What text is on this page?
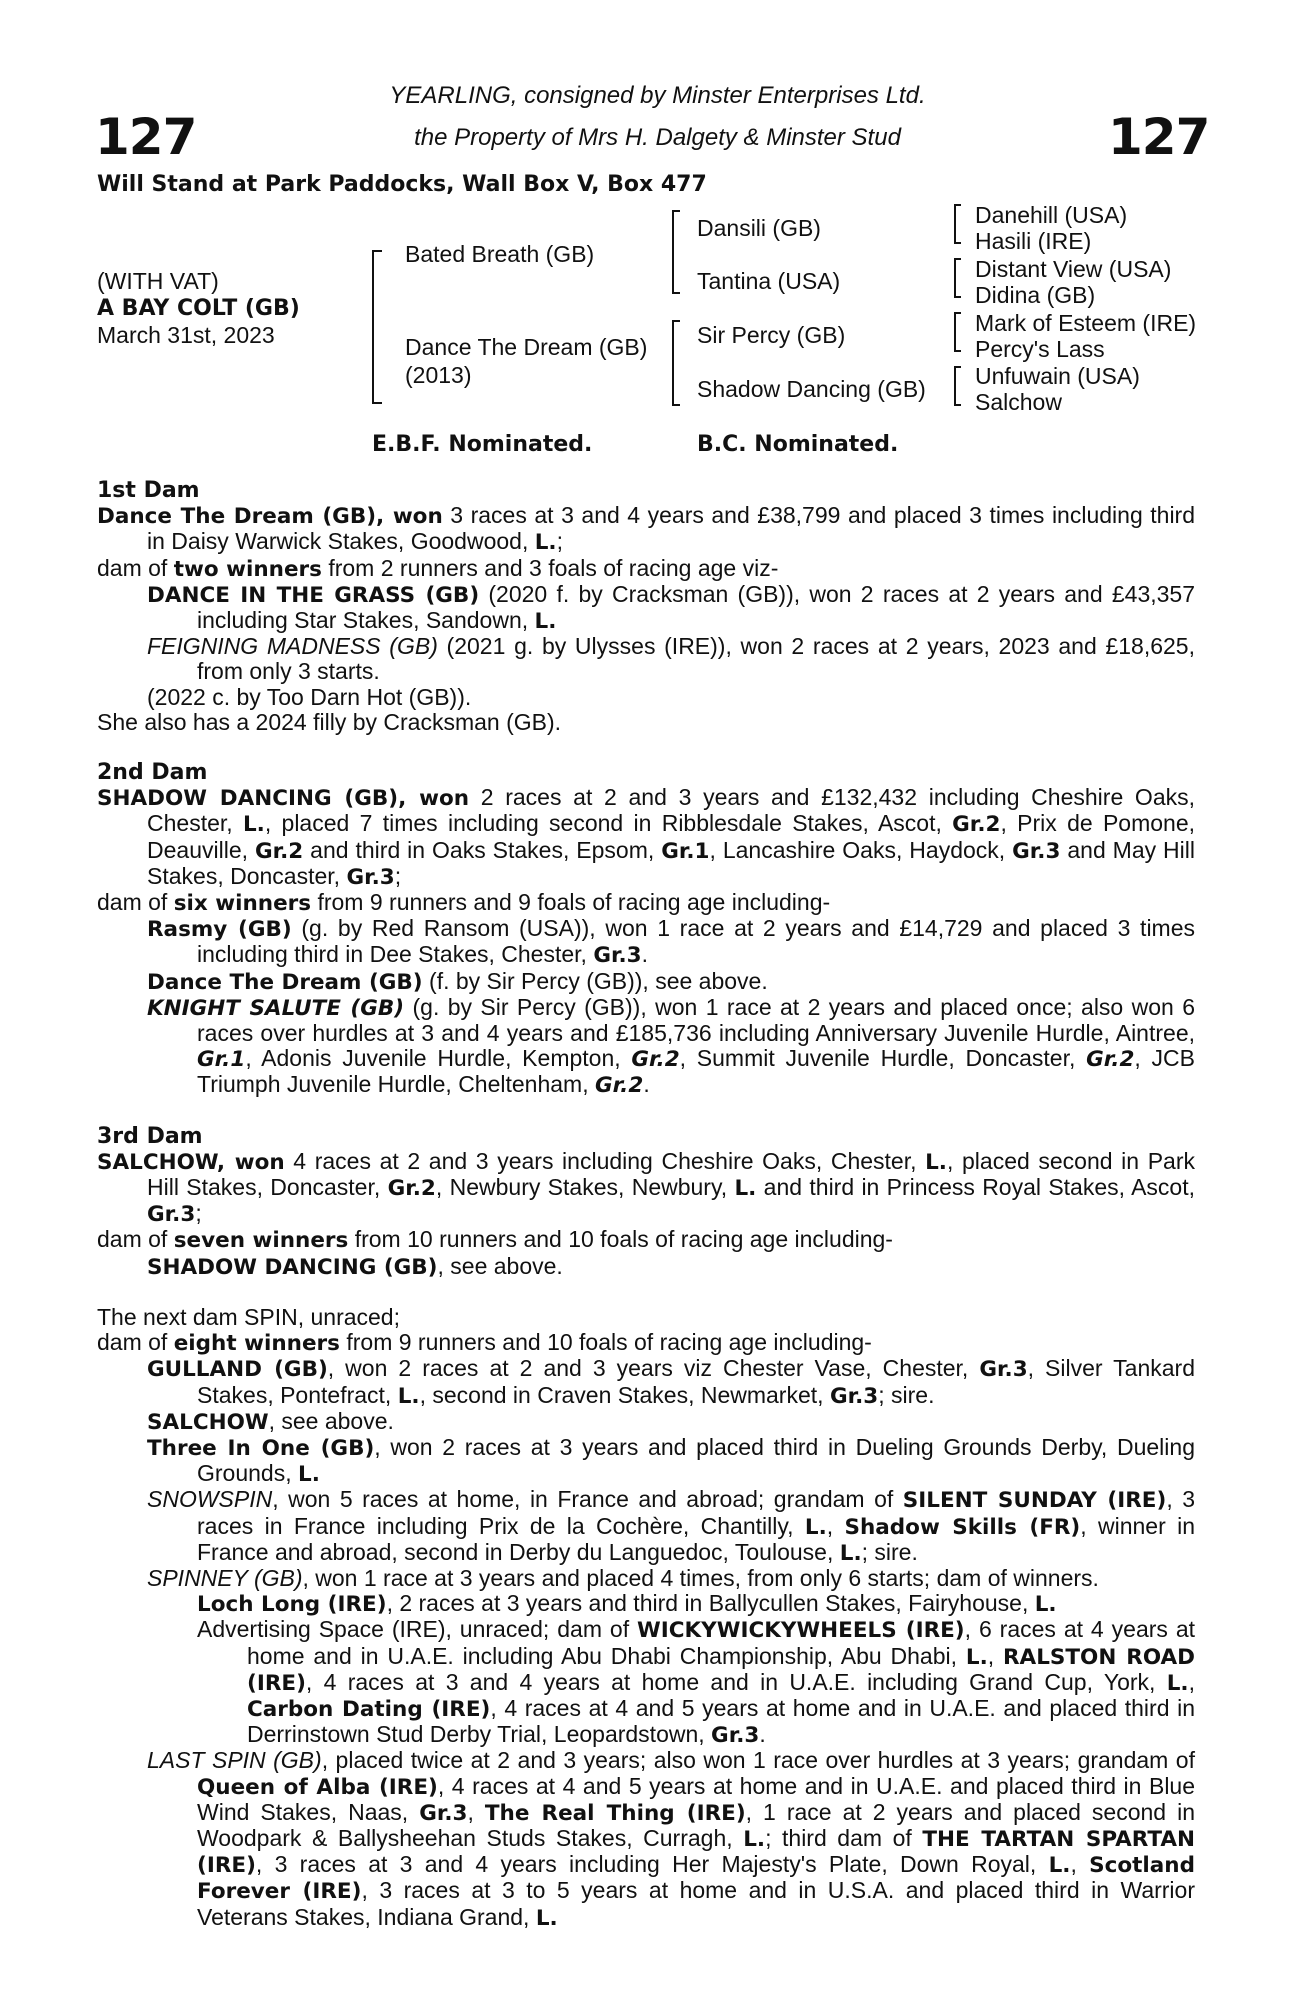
127	127
YEARLING, consigned by Minster Enterprises Ltd.
the Property of Mrs H. Dalgety & Minster Stud
Will Stand at Park Paddocks, Wall Box V, Box 477
(WITH VAT)
A BAY COLT (GB)
March 31st, 2023
Bated Breath (GB)
Dance The Dream (GB)
(2013)
Dansili (GB)
Tantina (USA)
Sir Percy (GB)
Shadow Dancing (GB)
Danehill (USA)
Hasili (IRE)
Distant View (USA)
Didina (GB)
Mark of Esteem (IRE)
Percy's Lass
Unfuwain (USA)
Salchow
E.B.F. Nominated.	B.C. Nominated.
1st Dam

Dance The Dream (GB), won 3 races at 3 and 4 years and £38,799 and placed 3 times including third in Daisy Warwick Stakes, Goodwood, L.;

dam of two winners from 2 runners and 3 foals of racing age viz-

DANCE IN THE GRASS (GB) (2020 f. by Cracksman (GB)), won 2 races at 2 years and £43,357 including Star Stakes, Sandown, L.

FEIGNING MADNESS (GB) (2021 g. by Ulysses (IRE)), won 2 races at 2 years, 2023 and £18,625, from only 3 starts.

(2022 c. by Too Darn Hot (GB)).

She also has a 2024 filly by Cracksman (GB).

2nd Dam

SHADOW DANCING (GB), won 2 races at 2 and 3 years and £132,432 including Cheshire Oaks, Chester, L., placed 7 times including second in Ribblesdale Stakes, Ascot, Gr.2, Prix de Pomone, Deauville, Gr.2 and third in Oaks Stakes, Epsom, Gr.1, Lancashire Oaks, Haydock, Gr.3 and May Hill Stakes, Doncaster, Gr.3;

dam of six winners from 9 runners and 9 foals of racing age including-

Rasmy (GB) (g. by Red Ransom (USA)), won 1 race at 2 years and £14,729 and placed 3 times including third in Dee Stakes, Chester, Gr.3.

Dance The Dream (GB) (f. by Sir Percy (GB)), see above.

KNIGHT SALUTE (GB) (g. by Sir Percy (GB)), won 1 race at 2 years and placed once; also won 6 races over hurdles at 3 and 4 years and £185,736 including Anniversary Juvenile Hurdle, Aintree, Gr.1, Adonis Juvenile Hurdle, Kempton, Gr.2, Summit Juvenile Hurdle, Doncaster, Gr.2, JCB Triumph Juvenile Hurdle, Cheltenham, Gr.2.

3rd Dam

SALCHOW, won 4 races at 2 and 3 years including Cheshire Oaks, Chester, L., placed second in Park Hill Stakes, Doncaster, Gr.2, Newbury Stakes, Newbury, L. and third in Princess Royal Stakes, Ascot, Gr.3;

dam of seven winners from 10 runners and 10 foals of racing age including-

SHADOW DANCING (GB), see above.

The next dam SPIN, unraced;

dam of eight winners from 9 runners and 10 foals of racing age including-

GULLAND (GB), won 2 races at 2 and 3 years viz Chester Vase, Chester, Gr.3, Silver Tankard Stakes, Pontefract, L., second in Craven Stakes, Newmarket, Gr.3; sire.

SALCHOW, see above.

Three In One (GB), won 2 races at 3 years and placed third in Dueling Grounds Derby, Dueling Grounds, L.

SNOWSPIN, won 5 races at home, in France and abroad; grandam of SILENT SUNDAY (IRE), 3 races in France including Prix de la Cochère, Chantilly, L., Shadow Skills (FR), winner in France and abroad, second in Derby du Languedoc, Toulouse, L.; sire.

SPINNEY (GB), won 1 race at 3 years and placed 4 times, from only 6 starts; dam of winners.

Loch Long (IRE), 2 races at 3 years and third in Ballycullen Stakes, Fairyhouse, L.

Advertising Space (IRE), unraced; dam of WICKYWICKYWHEELS (IRE), 6 races at 4 years at home and in U.A.E. including Abu Dhabi Championship, Abu Dhabi, L., RALSTON ROAD (IRE), 4 races at 3 and 4 years at home and in U.A.E. including Grand Cup, York, L., Carbon Dating (IRE), 4 races at 4 and 5 years at home and in U.A.E. and placed third in Derrinstown Stud Derby Trial, Leopardstown, Gr.3.

LAST SPIN (GB), placed twice at 2 and 3 years; also won 1 race over hurdles at 3 years; grandam of Queen of Alba (IRE), 4 races at 4 and 5 years at home and in U.A.E. and placed third in Blue Wind Stakes, Naas, Gr.3, The Real Thing (IRE), 1 race at 2 years and placed second in Woodpark & Ballysheehan Studs Stakes, Curragh, L.; third dam of THE TARTAN SPARTAN (IRE), 3 races at 3 and 4 years including Her Majesty's Plate, Down Royal, L., Scotland Forever (IRE), 3 races at 3 to 5 years at home and in U.S.A. and placed third in Warrior Veterans Stakes, Indiana Grand, L.
